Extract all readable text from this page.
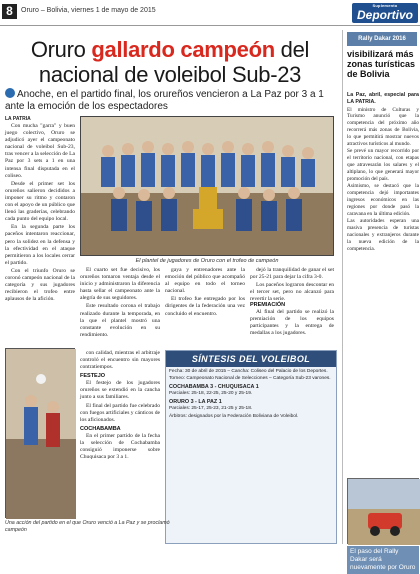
8	Oruro – Bolivia, viernes 1 de mayo de 2015
Suplemento
Deportivo
Oruro gallardo campeón del nacional de voleibol Sub-23
Anoche, en el partido final, los orureños vencieron a La Paz por 3 a 1 ante la emoción de los espectadores
LA PATRIA

Con mucha "garra" y buen juego colectivo, Oruro se adjudicó ayer el campeonato nacional de voleibol Sub-23, tras vencer a la selección de La Paz por 3 sets a 1 en una intensa final disputada en el coliseo.

Desde el primer set los orureños salieron decididos a imponer su ritmo y contaron con el apoyo de un público que llenó las graderías, celebrando cada punto del equipo local.

En la segunda parte los paceños intentaron reaccionar, pero la solidez en la defensa y la efectividad en el ataque permitieron a los locales cerrar el partido.

Con el triunfo Oruro se coronó campeón nacional de la categoría y sus jugadores recibieron el trofeo entre aplausos de la afición.

El plantel de jugadores de Oruro con el trofeo de campeón

El cuarto set fue decisivo, los orureños tomaron ventaja desde el inicio y administraron la diferencia hasta sellar el campeonato ante la alegría de sus seguidores.

Este resultado corona el trabajo realizado durante la temporada, en la que el plantel mostró una constante evolución en su rendimiento.

gaya y entrenadores ante la emoción del público que acompañó al equipo en todo el torneo nacional.

El trofeo fue entregado por los dirigentes de la federación una vez concluido el encuentro.

dejó la tranquilidad de ganar el set por 25-21 para dejar la cifra 3-0.

Los paceños lograron descontar en el tercer set, pero no alcanzó para revertir la serie.

con calidad, mientras el arbitraje controló el encuentro sin mayores contratiempos.

FESTEJO

El festejo de los jugadores orureños se extendió en la cancha junto a sus familiares.

El final del partido fue celebrado con fuegos artificiales y cánticos de los aficionados.

COCHABAMBA

En el primer partido de la fecha la selección de Cochabamba consiguió imponerse sobre Chuquisaca por 3 a 1.

PREMIACIÓN

Al final del partido se realizó la premiación de los equipos participantes y la entrega de medallas a los jugadores.

SÍNTESIS DEL VOLEIBOL

Fecha: 30 de abril de 2015 – Cancha: Coliseo del Palacio de los Deportes.

Torneo: Campeonato Nacional de Selecciones – Categoría Sub-23 varones.

COCHABAMBA 3 - CHUQUISACA 1

Parciales: 25-18, 22-25, 25-20 y 25-19.

ORURO 3 - LA PAZ 1

Parciales: 25-17, 25-23, 21-25 y 25-18.

Árbitros: designados por la Federación Boliviana de Voleibol.

Una acción del partido en el que Oruro venció a La Paz y se proclamó campeón
Rally Dakar 2016
visibilizará más zonas turísticas de Bolivia

La Paz, abril, especial para LA PATRIA.

El ministro de Culturas y Turismo anunció que la competencia del próximo año recorrerá más zonas de Bolivia, lo que permitirá mostrar nuevos atractivos turísticos al mundo.

Se prevé un mayor recorrido por el territorio nacional, con etapas que atravesarán los salares y el altiplano, lo que generará mayor promoción del país.

Asimismo, se destacó que la competencia dejó importantes ingresos económicos en las regiones por donde pasó la caravana en la última edición.

Las autoridades esperan una masiva presencia de turistas nacionales y extranjeros durante la nueva edición de la competencia.

El paso del Rally Dakar será nuevamente por Oruro
